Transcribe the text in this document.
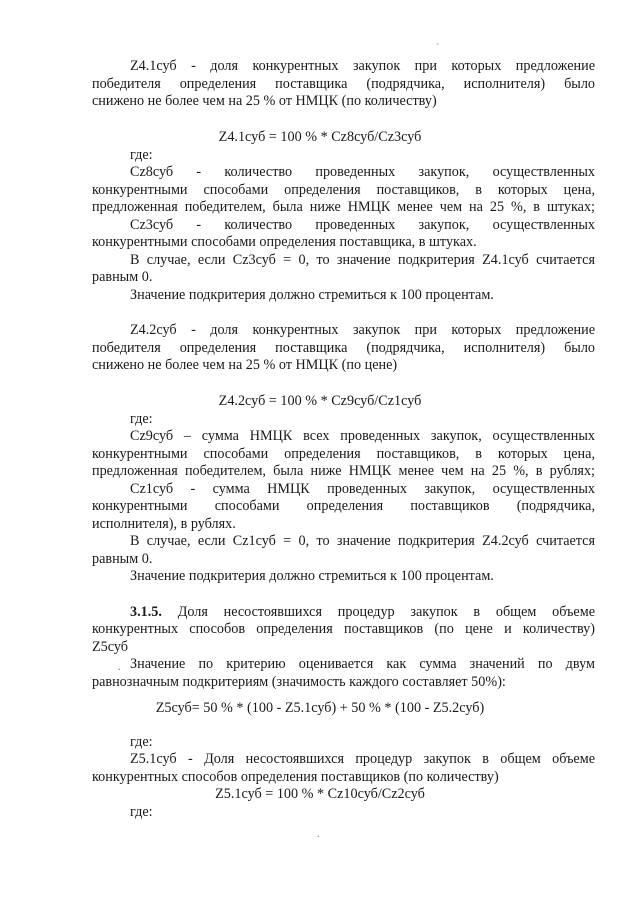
`
Z4.1суб - доля конкурентных закупок при которых предложение
победителя определения поставщика (подрядчика, исполнителя) было
снижено не более чем на 25 % от НМЦК (по количеству)
Z4.1суб = 100 % * Cz8суб/Cz3суб
где:
Cz8суб - количество проведенных закупок, осуществленных
конкурентными способами определения поставщиков, в которых цена,
предложенная победителем, была ниже НМЦК менее чем на 25 %, в штуках;
Cz3суб - количество проведенных закупок, осуществленных
конкурентными способами определения поставщика, в штуках.
В случае, если Cz3суб = 0, то значение подкритерия Z4.1суб считается
равным 0.
Значение подкритерия должно стремиться к 100 процентам.
Z4.2суб - доля конкурентных закупок при которых предложение
победителя определения поставщика (подрядчика, исполнителя) было
снижено не более чем на 25 % от НМЦК (по цене)
Z4.2суб = 100 % * Cz9суб/Cz1суб
где:
Cz9суб – сумма НМЦК всех проведенных закупок, осуществленных
конкурентными способами определения поставщиков, в которых цена,
предложенная победителем, была ниже НМЦК менее чем на 25 %, в рублях;
Cz1суб - сумма НМЦК проведенных закупок, осуществленных
конкурентными способами определения поставщиков (подрядчика,
исполнителя), в рублях.
В случае, если Cz1суб = 0, то значение подкритерия Z4.2суб считается
равным 0.
Значение подкритерия должно стремиться к 100 процентам.
3.1.5. Доля несостоявшихся процедур закупок в общем объеме
конкурентных способов определения поставщиков (по цене и количеству)
Z5суб
. Значение по критерию оценивается как сумма значений по двум
равнозначным подкритериям (значимость каждого составляет 50%):
Z5суб= 50 % * (100 - Z5.1суб) + 50 % * (100 - Z5.2суб)
где:
Z5.1суб - Доля несостоявшихся процедур закупок в общем объеме
конкурентных способов определения поставщиков (по количеству)
Z5.1суб = 100 % * Cz10суб/Cz2суб
где:
.
